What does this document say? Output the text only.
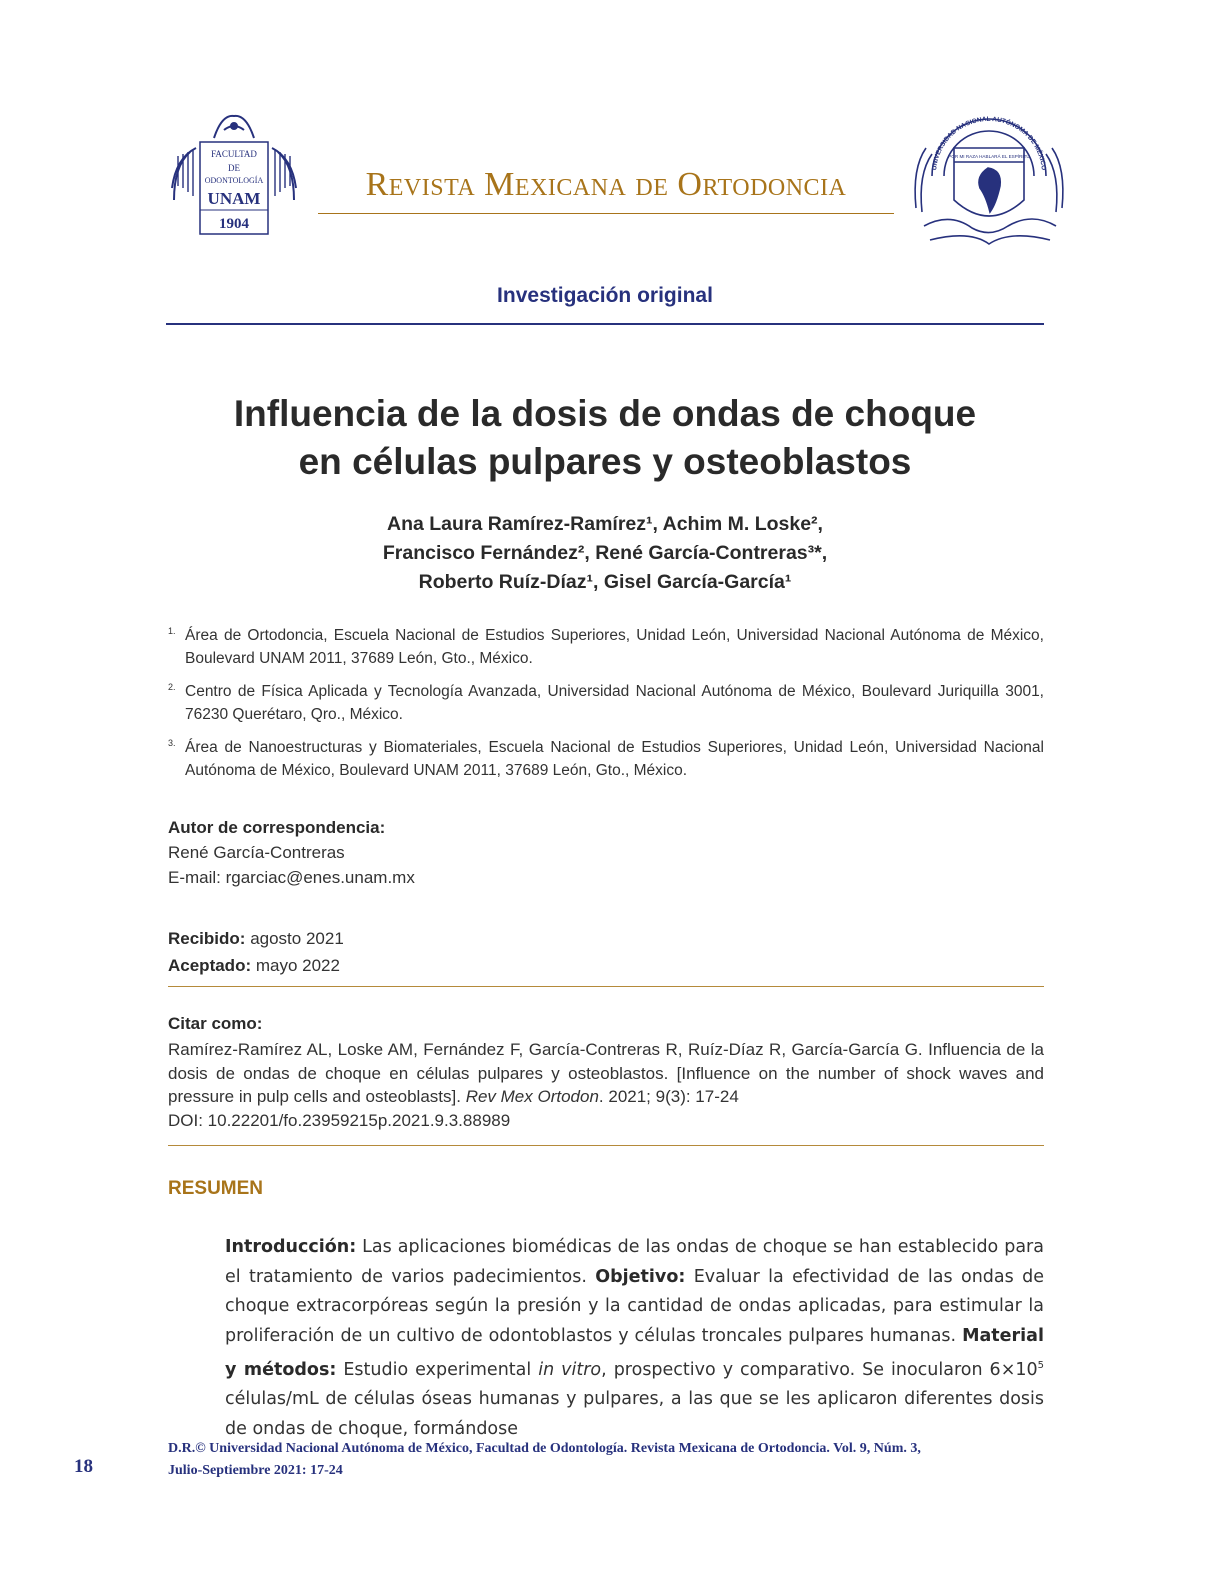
FACULTAD
DE
ODONTOLOGÍA
UNAM
1904
Revista Mexicana de Ortodoncia	UNIVERSIDAD NACIONAL AUTÓNOMA DE MÉXICO
POR MI RAZA HABLARÁ EL ESPÍRITU
Investigación original
Influencia de la dosis de ondas de choque
en células pulpares y osteoblastos
Ana Laura Ramírez-Ramírez¹, Achim M. Loske²,
Francisco Fernández², René García-Contreras³*,
Roberto Ruíz-Díaz¹, Gisel García-García¹
1. Área de Ortodoncia, Escuela Nacional de Estudios Superiores, Unidad León, Universidad Nacional Autónoma de México, Boulevard UNAM 2011, 37689 León, Gto., México.
2. Centro de Física Aplicada y Tecnología Avanzada, Universidad Nacional Autónoma de México, Boulevard Juriquilla 3001, 76230 Querétaro, Qro., México.
3. Área de Nanoestructuras y Biomateriales, Escuela Nacional de Estudios Superiores, Unidad León, Universidad Nacional Autónoma de México, Boulevard UNAM 2011, 37689 León, Gto., México.
Autor de correspondencia:
René García-Contreras
E-mail: rgarciac@enes.unam.mx
Recibido: agosto 2021
Aceptado: mayo 2022
Citar como:
Ramírez-Ramírez AL, Loske AM, Fernández F, García-Contreras R, Ruíz-Díaz R, García-García G. Influencia de la dosis de ondas de choque en células pulpares y osteoblastos. [Influence on the number of shock waves and pressure in pulp cells and osteoblasts]. Rev Mex Ortodon. 2021; 9(3): 17-24
DOI: 10.22201/fo.23959215p.2021.9.3.88989
RESUMEN
Introducción: Las aplicaciones biomédicas de las ondas de choque se han establecido para el tratamiento de varios padecimientos. Objetivo: Evaluar la efectividad de las ondas de choque extracorpóreas según la presión y la cantidad de ondas aplicadas, para estimular la proliferación de un cultivo de odontoblastos y células troncales pulpares humanas. Material y métodos: Estudio experimental in vitro, prospectivo y comparativo. Se inocularon $6\times 10^5$ células/mL de células óseas humanas y pulpares, a las que se les aplicaron diferentes dosis de ondas de choque, formándose
D.R.© Universidad Nacional Autónoma de México, Facultad de Odontología. Revista Mexicana de Ortodoncia. Vol. 9, Núm. 3,
Julio-Septiembre 2021: 17-24
18
